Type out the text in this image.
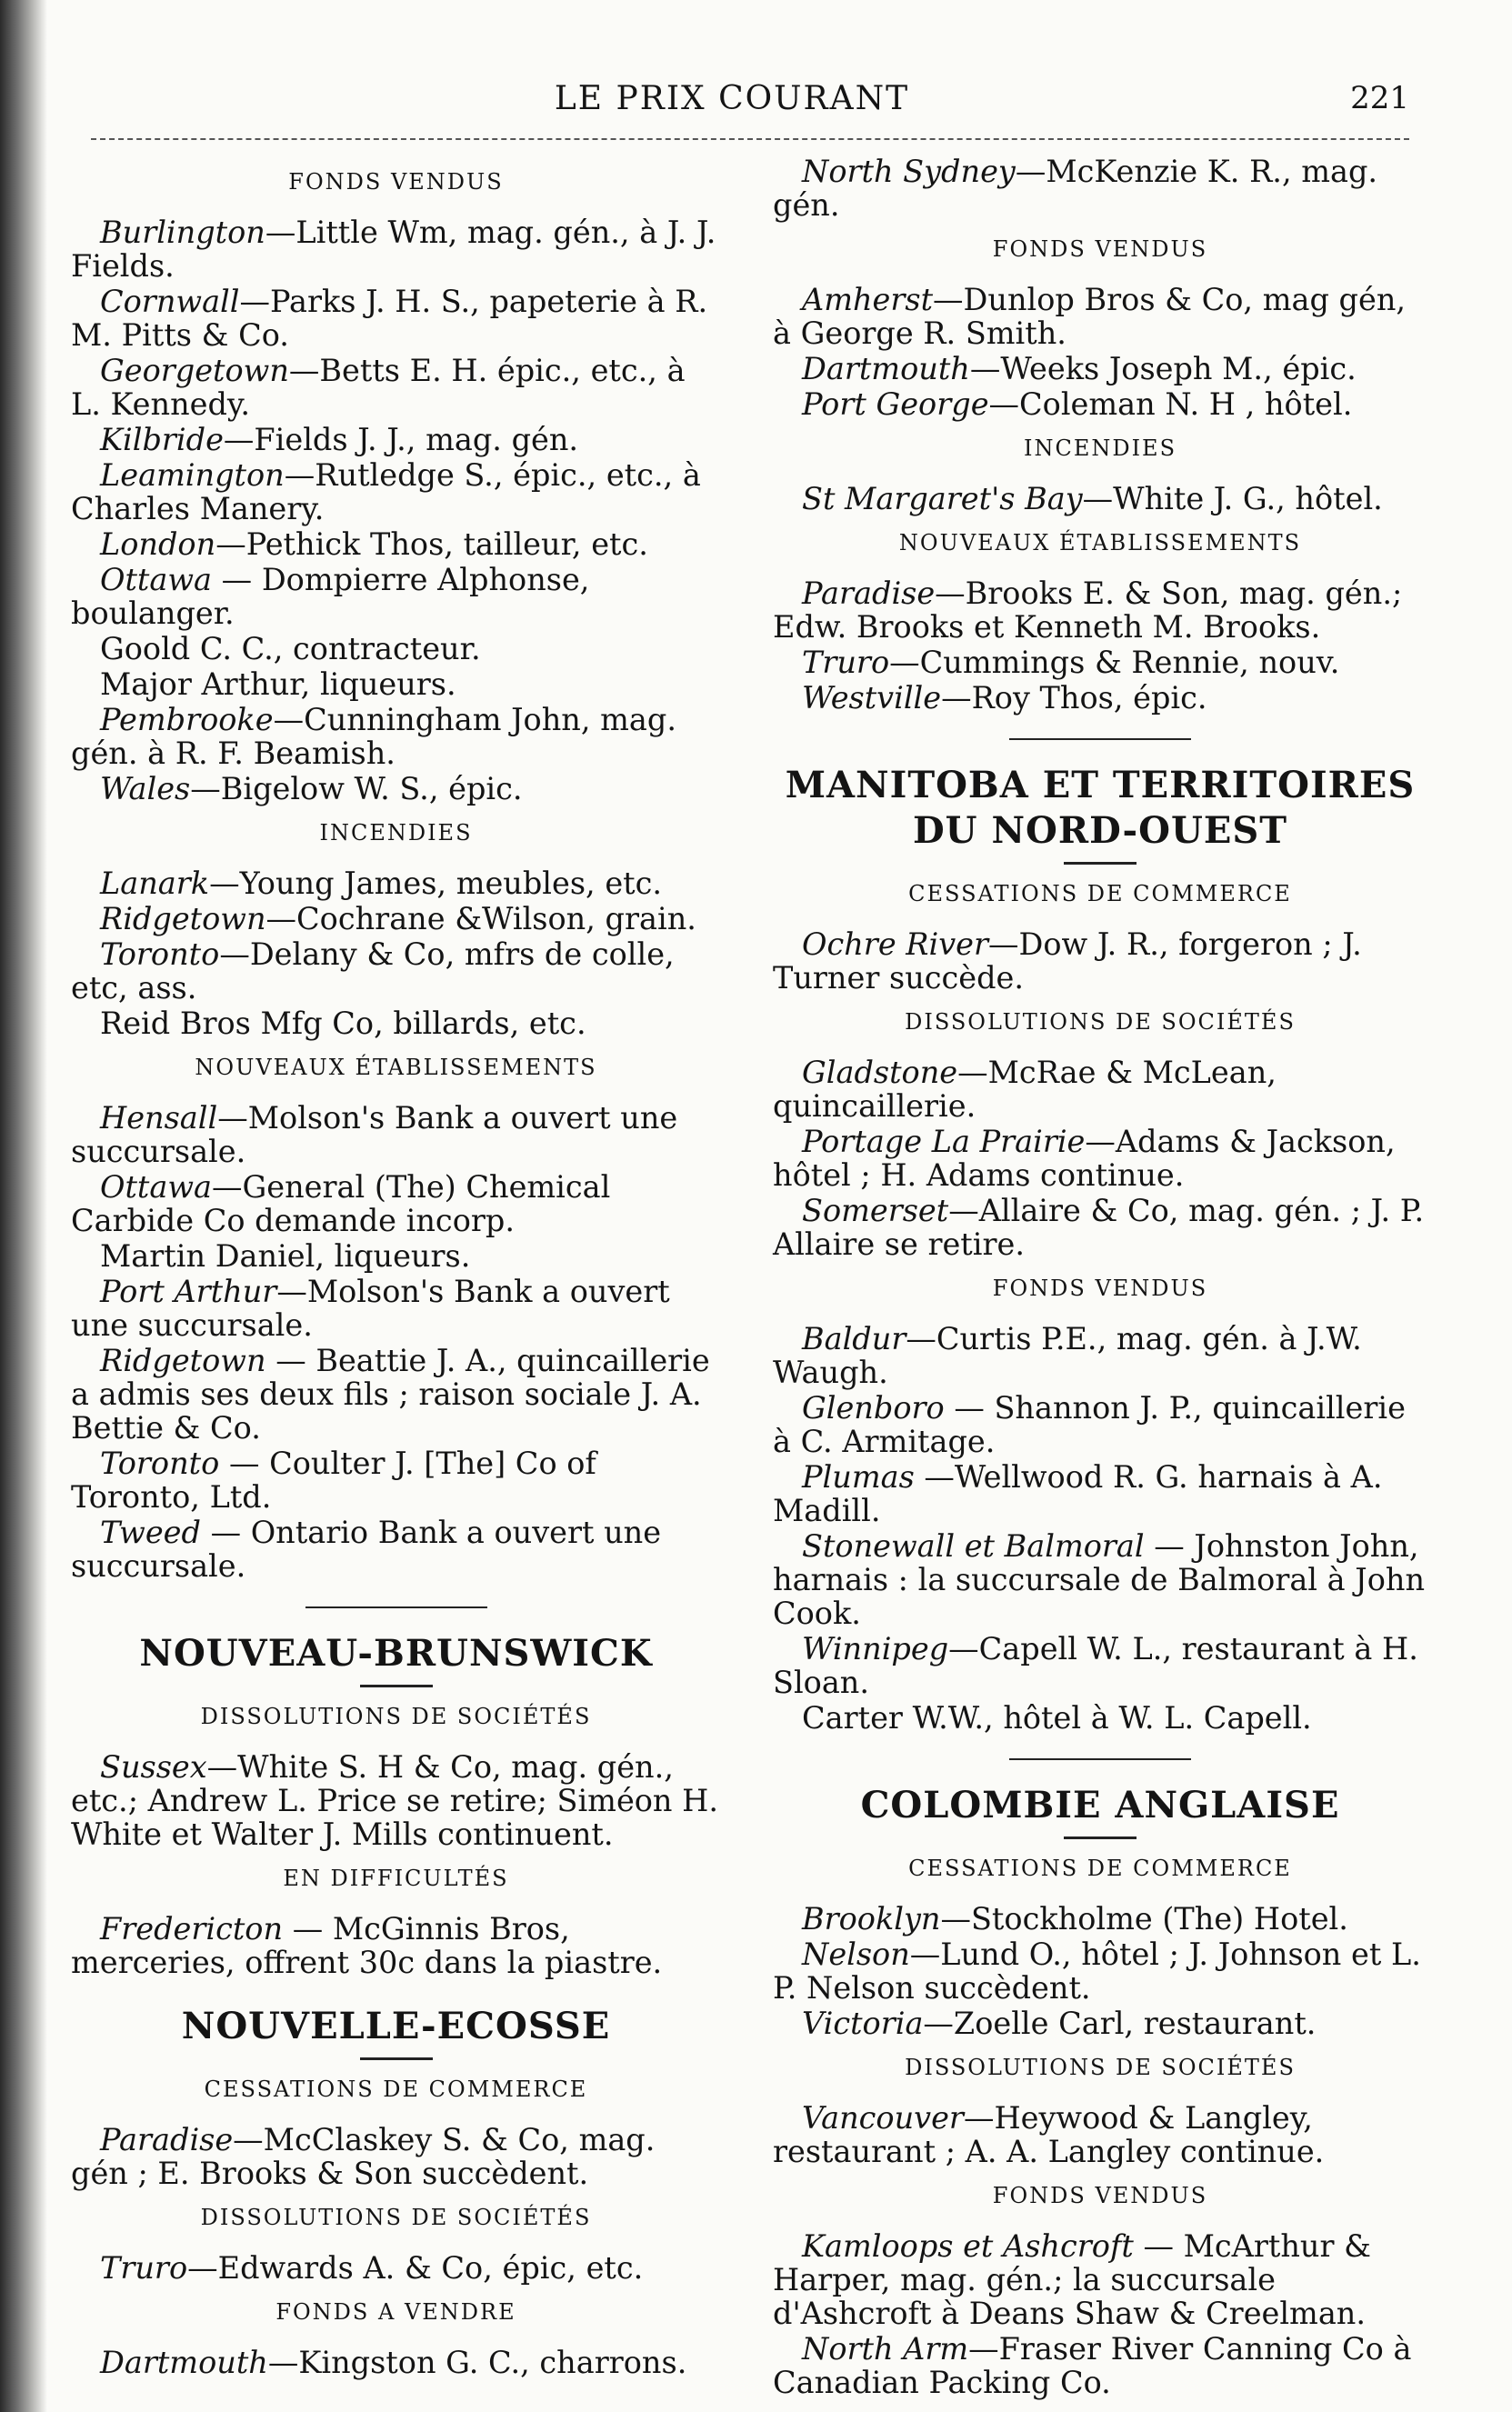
LE PRIX COURANT	221
FONDS VENDUS
Burlington—Little Wm, mag. gén., à J. J. Fields.
Cornwall—Parks J. H. S., papeterie à R. M. Pitts & Co.
Georgetown—Betts E. H. épic., etc., à L. Kennedy.
Kilbride—Fields J. J., mag. gén.
Leamington—Rutledge S., épic., etc., à Charles Manery.
London—Pethick Thos, tailleur, etc.
Ottawa — Dompierre Alphonse, boulanger.
Goold C. C., contracteur.
Major Arthur, liqueurs.
Pembrooke—Cunningham John, mag. gén. à R. F. Beamish.
Wales—Bigelow W. S., épic.
INCENDIES
Lanark—Young James, meubles, etc.
Ridgetown—Cochrane &Wilson, grain.
Toronto—Delany & Co, mfrs de colle, etc, ass.
Reid Bros Mfg Co, billards, etc.
NOUVEAUX ÉTABLISSEMENTS
Hensall—Molson's Bank a ouvert une succursale.
Ottawa—General (The) Chemical Carbide Co demande incorp.
Martin Daniel, liqueurs.
Port Arthur—Molson's Bank a ouvert une succursale.
Ridgetown — Beattie J. A., quincaillerie a admis ses deux fils ; raison sociale J. A. Bettie & Co.
Toronto — Coulter J. [The] Co of Toronto, Ltd.
Tweed — Ontario Bank a ouvert une succursale.
NOUVEAU-BRUNSWICK
DISSOLUTIONS DE SOCIÉTÉS
Sussex—White S. H & Co, mag. gén., etc.; Andrew L. Price se retire; Siméon H. White et Walter J. Mills continuent.
EN DIFFICULTÉS
Fredericton — McGinnis Bros, merceries, offrent 30c dans la piastre.
NOUVELLE-ECOSSE
CESSATIONS DE COMMERCE
Paradise—McClaskey S. & Co, mag. gén ; E. Brooks & Son succèdent.
DISSOLUTIONS DE SOCIÉTÉS
Truro—Edwards A. & Co, épic, etc.
FONDS A VENDRE
Dartmouth—Kingston G. C., charrons.
North Sydney—McKenzie K. R., mag. gén.
FONDS VENDUS
Amherst—Dunlop Bros & Co, mag gén, à George R. Smith.
Dartmouth—Weeks Joseph M., épic.
Port George—Coleman N. H , hôtel.
INCENDIES
St Margaret's Bay—White J. G., hôtel.
NOUVEAUX ÉTABLISSEMENTS
Paradise—Brooks E. & Son, mag. gén.; Edw. Brooks et Kenneth M. Brooks.
Truro—Cummings & Rennie, nouv.
Westville—Roy Thos, épic.
MANITOBA ET TERRITOIRES
DU NORD-OUEST
CESSATIONS DE COMMERCE
Ochre River—Dow J. R., forgeron ; J. Turner succède.
DISSOLUTIONS DE SOCIÉTÉS
Gladstone—McRae & McLean, quincaillerie.
Portage La Prairie—Adams & Jackson, hôtel ; H. Adams continue.
Somerset—Allaire & Co, mag. gén. ; J. P. Allaire se retire.
FONDS VENDUS
Baldur—Curtis P.E., mag. gén. à J.W. Waugh.
Glenboro — Shannon J. P., quincaillerie à C. Armitage.
Plumas —Wellwood R. G. harnais à A. Madill.
Stonewall et Balmoral — Johnston John, harnais : la succursale de Balmoral à John Cook.
Winnipeg—Capell W. L., restaurant à H. Sloan.
Carter W.W., hôtel à W. L. Capell.
COLOMBIE ANGLAISE
CESSATIONS DE COMMERCE
Brooklyn—Stockholme (The) Hotel.
Nelson—Lund O., hôtel ; J. Johnson et L. P. Nelson succèdent.
Victoria—Zoelle Carl, restaurant.
DISSOLUTIONS DE SOCIÉTÉS
Vancouver—Heywood & Langley, restaurant ; A. A. Langley continue.
FONDS VENDUS
Kamloops et Ashcroft — McArthur & Harper, mag. gén.; la succursale d'Ashcroft à Deans Shaw & Creelman.
North Arm—Fraser River Canning Co à Canadian Packing Co.
